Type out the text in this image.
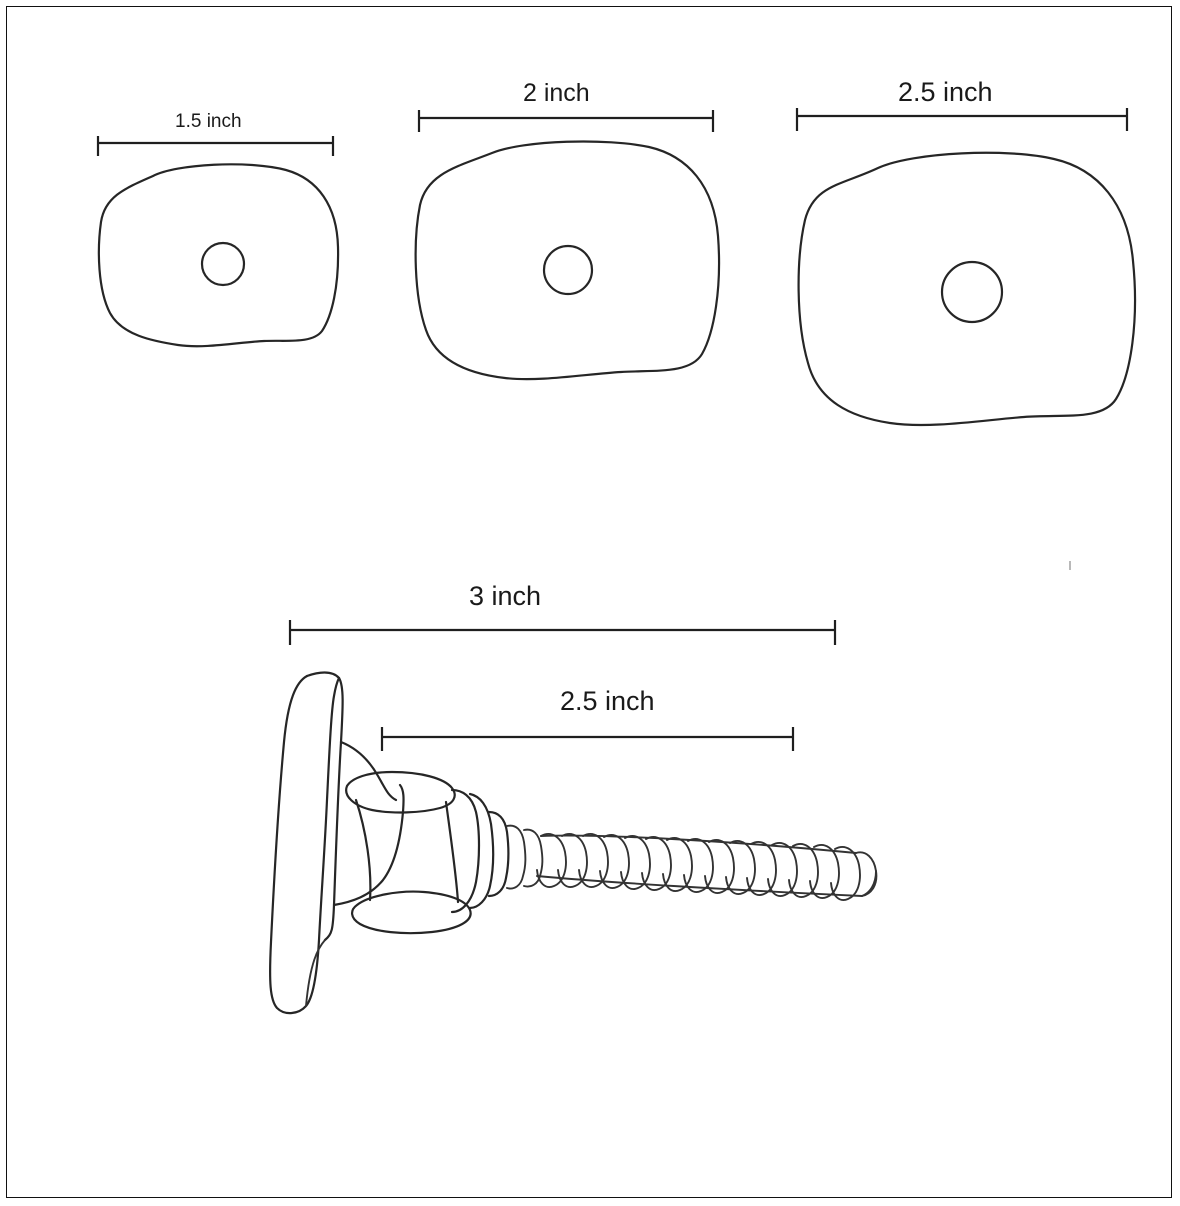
1.5 inch
2 inch	2.5 inch
3 inch
2.5 inch
